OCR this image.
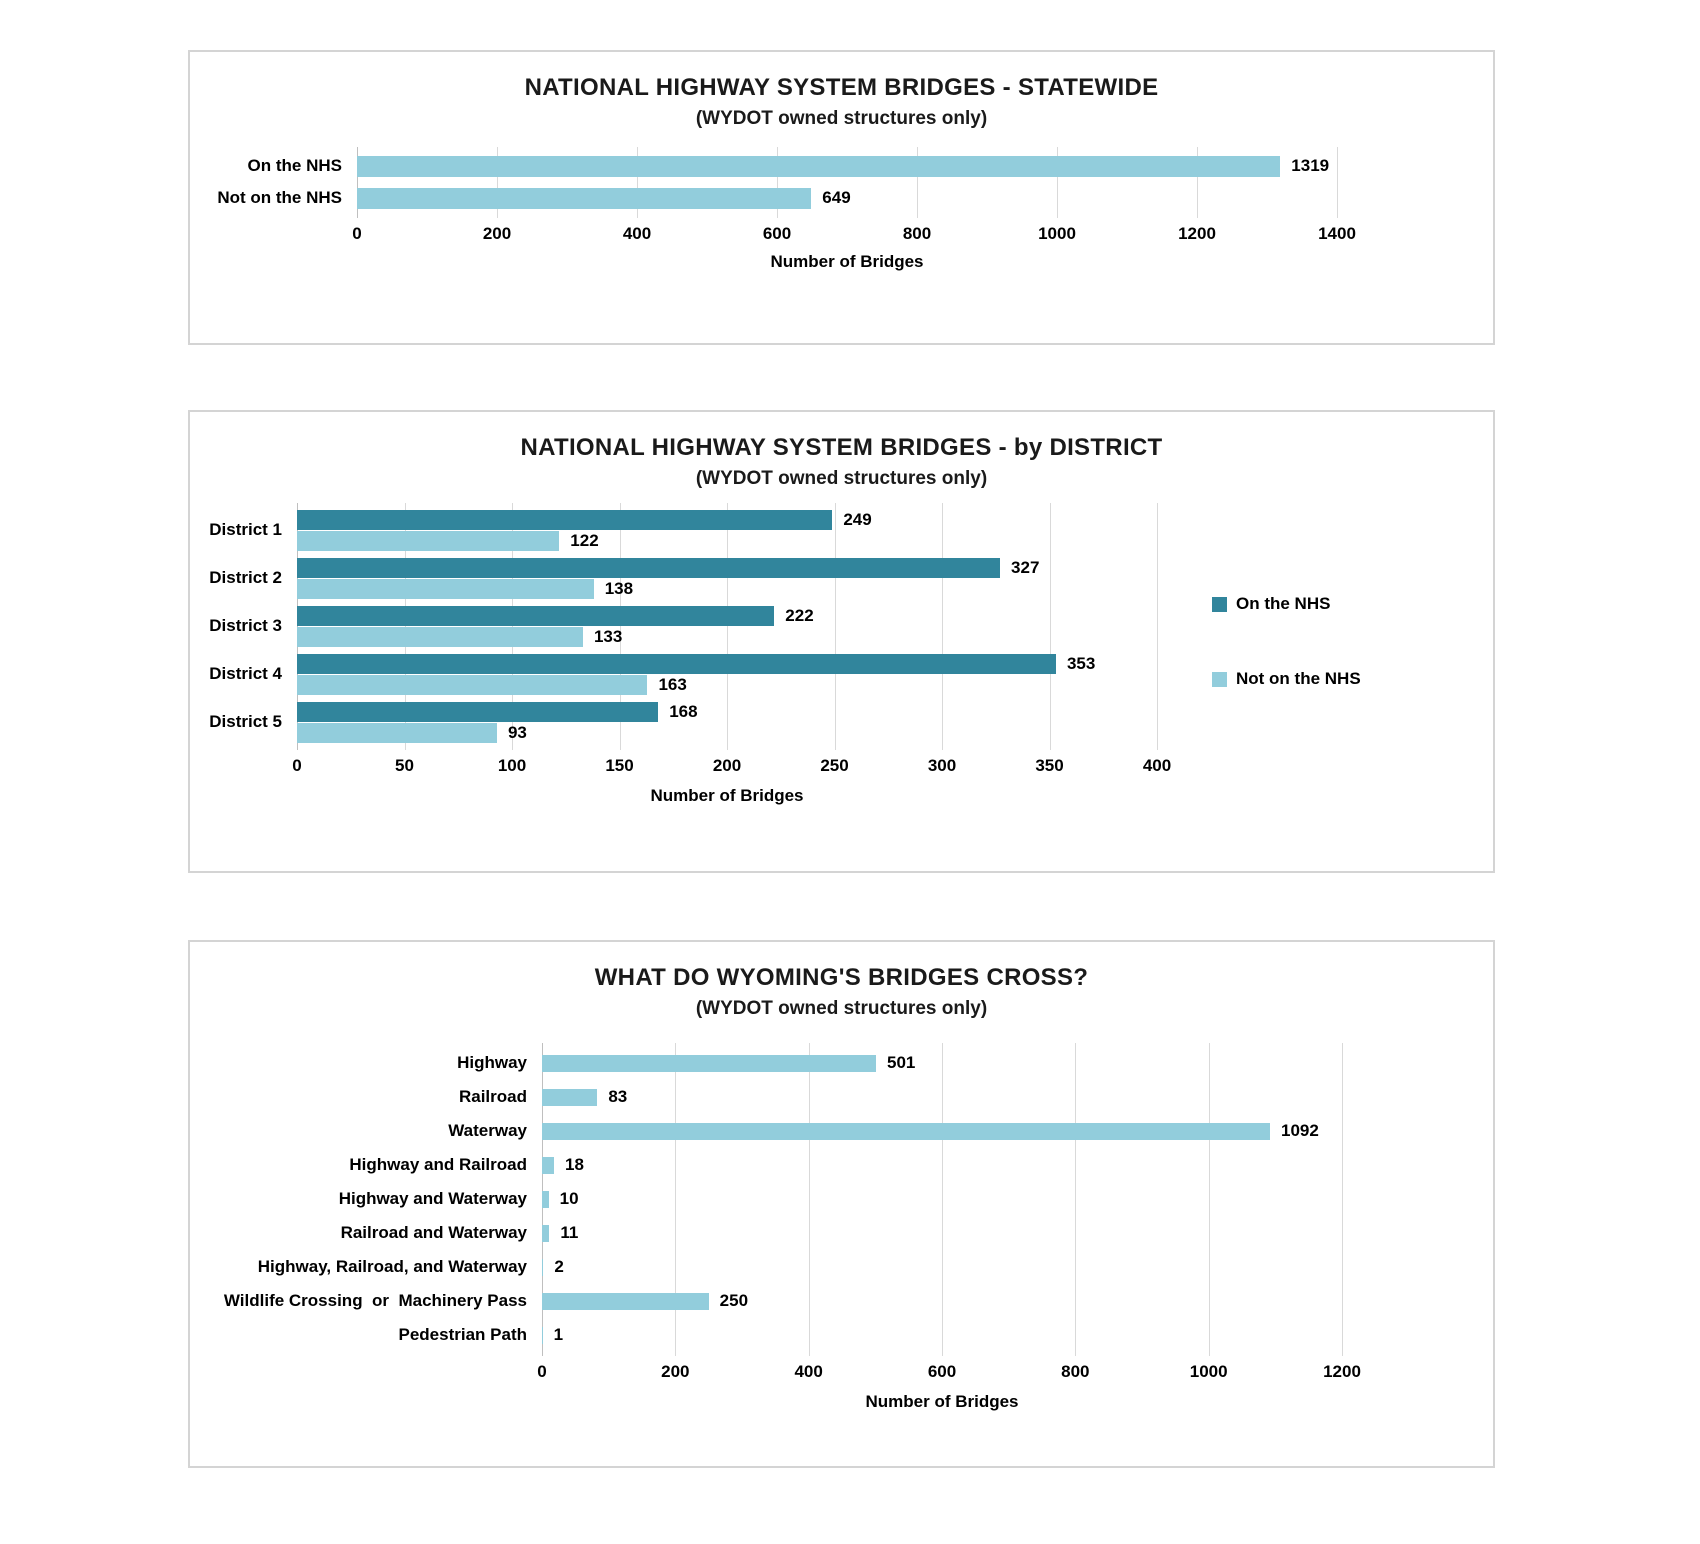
NATIONAL HIGHWAY SYSTEM BRIDGES - STATEWIDE
(WYDOT owned structures only)
On the NHS	1319
Not on the NHS	649
0	200	400	600	800	1000	1200	1400
Number of Bridges
NATIONAL HIGHWAY SYSTEM BRIDGES - by DISTRICT
(WYDOT owned structures only)
District 1
249
122
District 2
327
138
District 3
222
133
District 4
353
163
District 5
168
93
0	50	100	150	200	250	300	350	400
On the NHS
Not on the NHS
Number of Bridges
WHAT DO WYOMING'S BRIDGES CROSS?
(WYDOT owned structures only)
Highway	501
Railroad	83
Waterway	1092
Highway and Railroad	18
Highway and Waterway	10
Railroad and Waterway	11
Highway, Railroad, and Waterway	2
Wildlife Crossing  or  Machinery Pass	250
Pedestrian Path	1
0	200	400	600	800	1000	1200
Number of Bridges
